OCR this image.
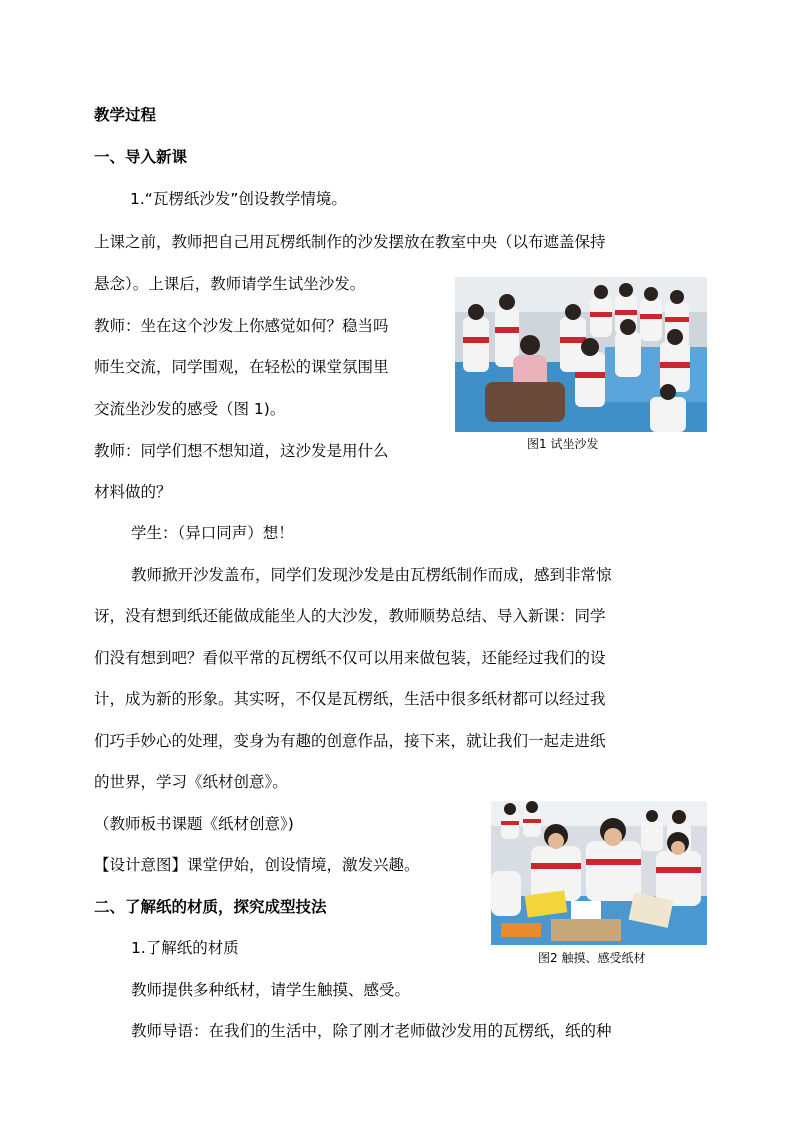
教学过程
一、导入新课
1.“瓦楞纸沙发”创设教学情境。
上课之前，教师把自己用瓦楞纸制作的沙发摆放在教室中央（以布遮盖保持
悬念）。上课后，教师请学生试坐沙发。
教师：坐在这个沙发上你感觉如何？稳当吗
师生交流，同学围观，在轻松的课堂氛围里
交流坐沙发的感受（图 1)。
教师：同学们想不想知道，这沙发是用什么
材料做的？
学生：（异口同声）想！
教师掀开沙发盖布，同学们发现沙发是由瓦楞纸制作而成，感到非常惊
讶，没有想到纸还能做成能坐人的大沙发，教师顺势总结、导入新课：同学
们没有想到吧？看似平常的瓦楞纸不仅可以用来做包装，还能经过我们的设
计，成为新的形象。其实呀，不仅是瓦楞纸，生活中很多纸材都可以经过我
们巧手妙心的处理，变身为有趣的创意作品，接下来，就让我们一起走进纸
的世界，学习《纸材创意》。
（教师板书课题《纸材创意》)
【设计意图】课堂伊始，创设情境，激发兴趣。
二、了解纸的材质，探究成型技法
1.了解纸的材质
教师提供多种纸材，请学生触摸、感受。
教师导语：在我们的生活中，除了刚才老师做沙发用的瓦楞纸，纸的种
图1 试坐沙发
图2 触摸、感受纸材
